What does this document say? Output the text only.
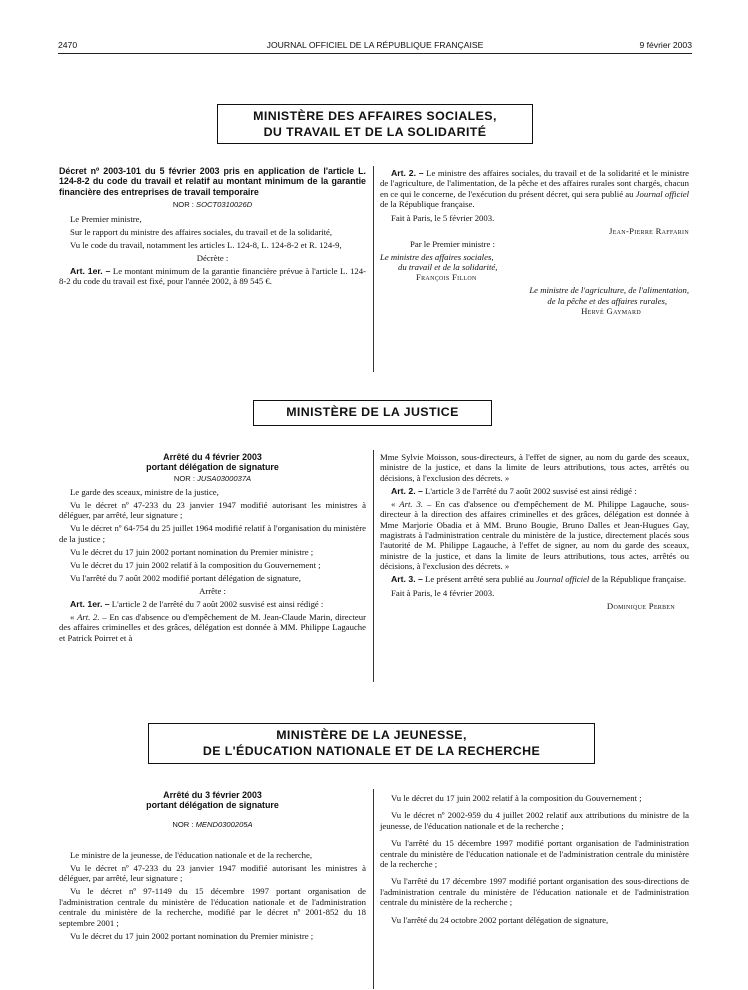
2470	JOURNAL OFFICIEL DE LA RÉPUBLIQUE FRANÇAISE	9 février 2003
MINISTÈRE DES AFFAIRES SOCIALES,
DU TRAVAIL ET DE LA SOLIDARITÉ

Décret nº 2003-101 du 5 février 2003 pris en application de l'article L. 124-8-2 du code du travail et relatif au montant minimum de la garantie financière des entreprises de travail temporaire

NOR : SOCT0310026D

Le Premier ministre,

Sur le rapport du ministre des affaires sociales, du travail et de la solidarité,

Vu le code du travail, notamment les articles L. 124-8, L. 124-8-2 et R. 124-9,

Décrète :

Art. 1er. – Le montant minimum de la garantie financière prévue à l'article L. 124-8-2 du code du travail est fixé, pour l'année 2002, à 89 545 €.

Art. 2. – Le ministre des affaires sociales, du travail et de la solidarité et le ministre de l'agriculture, de l'alimentation, de la pêche et des affaires rurales sont chargés, chacun en ce qui le concerne, de l'exécution du présent décret, qui sera publié au Journal officiel de la République française.

Fait à Paris, le 5 février 2003.

Jean-Pierre Raffarin

Par le Premier ministre :

Le ministre des affaires sociales,

du travail et de la solidarité,

François Fillon

Le ministre de l'agriculture, de l'alimentation,

de la pêche et des affaires rurales,

Hervé Gaymard

MINISTÈRE DE LA JUSTICE

Arrêté du 4 février 2003

portant délégation de signature

NOR : JUSA0300037A

Le garde des sceaux, ministre de la justice,

Vu le décret nº 47-233 du 23 janvier 1947 modifié autorisant les ministres à déléguer, par arrêté, leur signature ;

Vu le décret nº 64-754 du 25 juillet 1964 modifié relatif à l'organisation du ministère de la justice ;

Vu le décret du 17 juin 2002 portant nomination du Premier ministre ;

Vu le décret du 17 juin 2002 relatif à la composition du Gouvernement ;

Vu l'arrêté du 7 août 2002 modifié portant délégation de signature,

Arrête :

Art. 1er. – L'article 2 de l'arrêté du 7 août 2002 susvisé est ainsi rédigé :

« Art. 2. – En cas d'absence ou d'empêchement de M. Jean-Claude Marin, directeur des affaires criminelles et des grâces, délégation est donnée à MM. Philippe Lagauche et Patrick Poirret et à

Mme Sylvie Moisson, sous-directeurs, à l'effet de signer, au nom du garde des sceaux, ministre de la justice, et dans la limite de leurs attributions, tous actes, arrêtés ou décisions, à l'exclusion des décrets. »

Art. 2. – L'article 3 de l'arrêté du 7 août 2002 susvisé est ainsi rédigé :

« Art. 3. – En cas d'absence ou d'empêchement de M. Philippe Lagauche, sous-directeur à la direction des affaires criminelles et des grâces, délégation est donnée à Mme Marjorie Obadia et à MM. Bruno Bougie, Bruno Dalles et Jean-Hugues Gay, magistrats à l'administration centrale du ministère de la justice, directement placés sous l'autorité de M. Philippe Lagauche, à l'effet de signer, au nom du garde des sceaux, ministre de la justice, et dans la limite de leurs attributions, tous actes, arrêtés ou décisions, à l'exclusion des décrets. »

Art. 3. – Le présent arrêté sera publié au Journal officiel de la République française.

Fait à Paris, le 4 février 2003.

Dominique Perben

MINISTÈRE DE LA JEUNESSE,
DE L'ÉDUCATION NATIONALE ET DE LA RECHERCHE

Arrêté du 3 février 2003

portant délégation de signature

NOR : MEND0300205A

Le ministre de la jeunesse, de l'éducation nationale et de la recherche,

Vu le décret nº 47-233 du 23 janvier 1947 modifié autorisant les ministres à déléguer, par arrêté, leur signature ;

Vu le décret nº 97-1149 du 15 décembre 1997 portant organisation de l'administration centrale du ministère de l'éducation nationale et de l'administration centrale du ministère de la recherche, modifié par le décret nº 2001-852 du 18 septembre 2001 ;

Vu le décret du 17 juin 2002 portant nomination du Premier ministre ;

Vu le décret du 17 juin 2002 relatif à la composition du Gouvernement ;

Vu le décret nº 2002-959 du 4 juillet 2002 relatif aux attributions du ministre de la jeunesse, de l'éducation nationale et de la recherche ;

Vu l'arrêté du 15 décembre 1997 modifié portant organisation de l'administration centrale du ministère de l'éducation nationale et de l'administration centrale du ministère de la recherche ;

Vu l'arrêté du 17 décembre 1997 modifié portant organisation des sous-directions de l'administration centrale du ministère de l'éducation nationale et de l'administration centrale du ministère de la recherche ;

Vu l'arrêté du 24 octobre 2002 portant délégation de signature,
